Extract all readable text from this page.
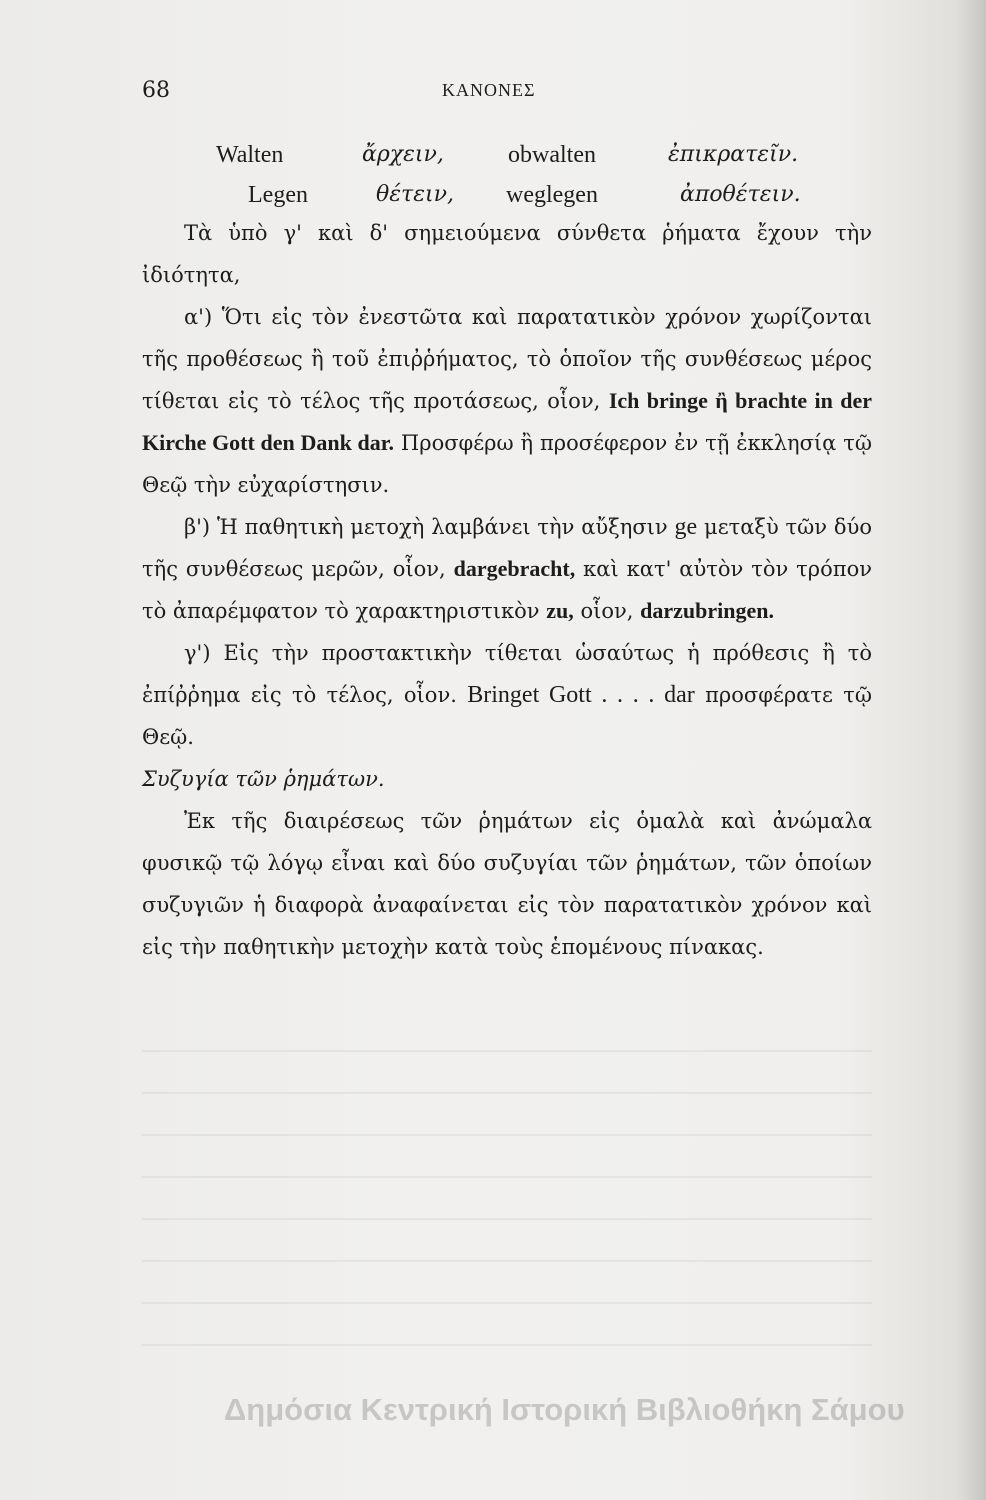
68	ΚΑΝΟΝΕΣ
Walten	ἄρχειν,	obwalten	ἐπικρατεῖν.
Legen	θέτειν, weglegen	ἀποθέτειν.

Τὰ ὑπὸ γ' καὶ δ' σημειούμενα σύνθετα ῥήματα ἔχουν τὴν ἰδιότητα,

α') Ὅτι εἰς τὸν ἐνεστῶτα καὶ παρατατικὸν χρόνον χωρίζονται τῆς προθέσεως ἢ τοῦ ἐπιῤῥήματος, τὸ ὁποῖον τῆς συνθέσεως μέρος τίθεται εἰς τὸ τέλος τῆς προτάσεως, οἷον, Ich bringe ἢ brachte in der Kirche Gott den Dank dar. Προσφέρω ἢ προσέφερον ἐν τῇ ἐκκλησίᾳ τῷ Θεῷ τὴν εὐχαρίστησιν.

β') Ἡ παθητικὴ μετοχὴ λαμβάνει τὴν αὔξησιν ge μεταξὺ τῶν δύο τῆς συνθέσεως μερῶν, οἷον, dargebracht, καὶ κατ' αὐτὸν τὸν τρόπον τὸ ἀπαρέμφατον τὸ χαρακτηριστικὸν zu, οἷον, darzubringen.

γ') Εἰς τὴν προστακτικὴν τίθεται ὡσαύτως ἡ πρόθεσις ἢ τὸ ἐπίῤῥημα εἰς τὸ τέλος, οἷον. Bringet Gott . . . . dar προσφέρατε τῷ Θεῷ.

Συζυγία τῶν ῥημάτων.

Ἐκ τῆς διαιρέσεως τῶν ῥημάτων εἰς ὁμαλὰ καὶ ἀνώμαλα φυσικῷ τῷ λόγῳ εἶναι καὶ δύο συζυγίαι τῶν ῥημάτων, τῶν ὁποίων συζυγιῶν ἡ διαφορὰ ἀναφαίνεται εἰς τὸν παρατατικὸν χρόνον καὶ εἰς τὴν παθητικὴν μετοχὴν κατὰ τοὺς ἑπομένους πίνακας.

Δημόσια Κεντρική Ιστορική Βιβλιοθήκη Σάμου
